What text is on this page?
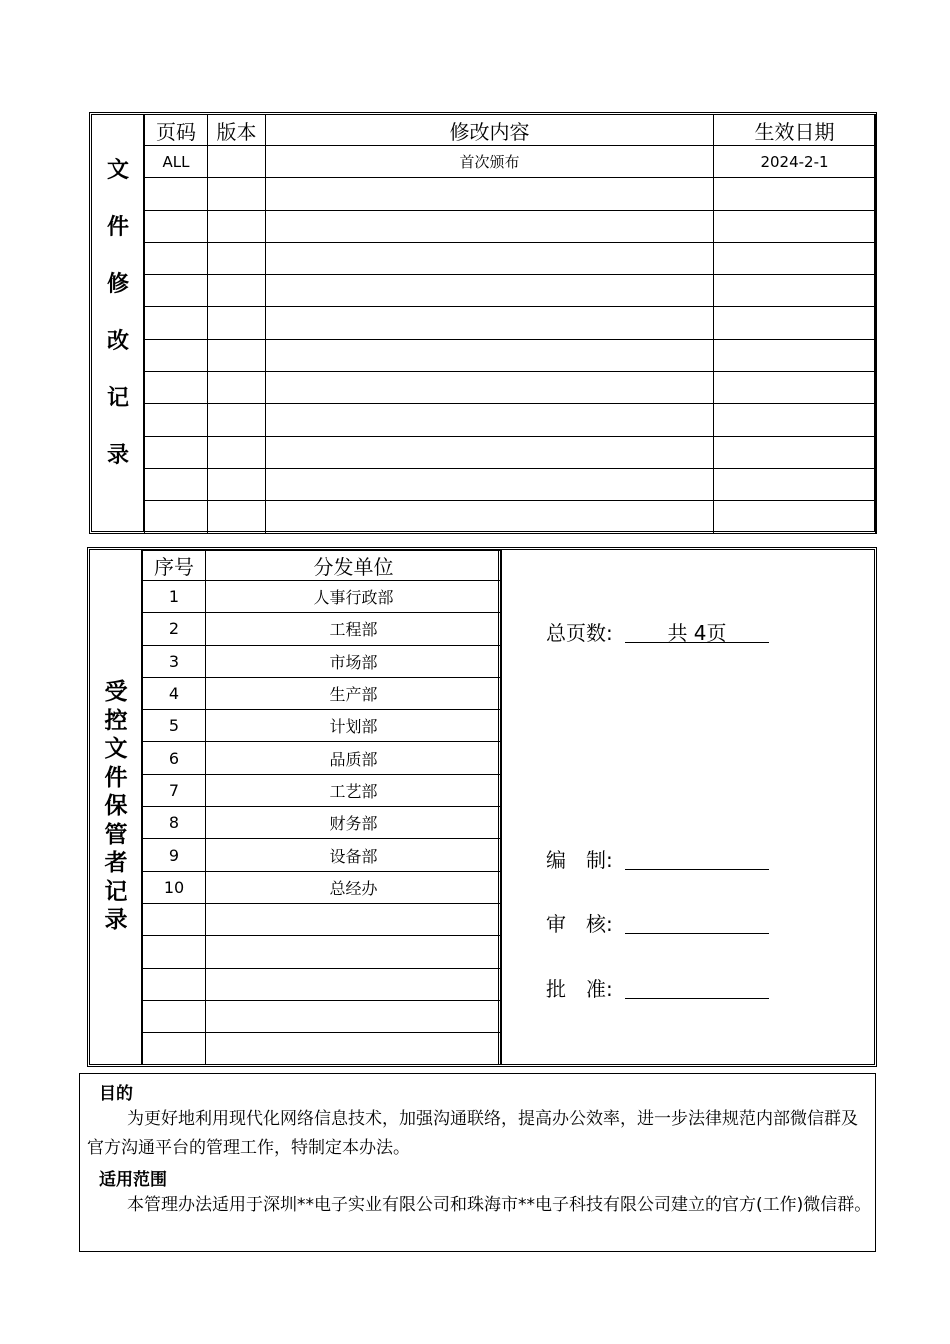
文
件
修
改
记
录
页码	版本	修改内容	生效日期
ALL		首次颁布	2024-2-1

受
控
文
件
保
管
者
记
录
序号	分发单位
1	人事行政部
2	工程部
3	市场部
4	生产部
5	计划部
6	品质部
7	工艺部
8	财务部
9	设备部
10	总经办

总页数:	共 4页
编　制:
审　核:
批　准:
目的
为更好地利用现代化网络信息技术，加强沟通联络，提高办公效率，进一步法律规范内部微信群及官方沟通平台的管理工作，特制定本办法。
适用范围
本管理办法适用于深圳**电子实业有限公司和珠海市**电子科技有限公司建立的官方(工作)微信群。
